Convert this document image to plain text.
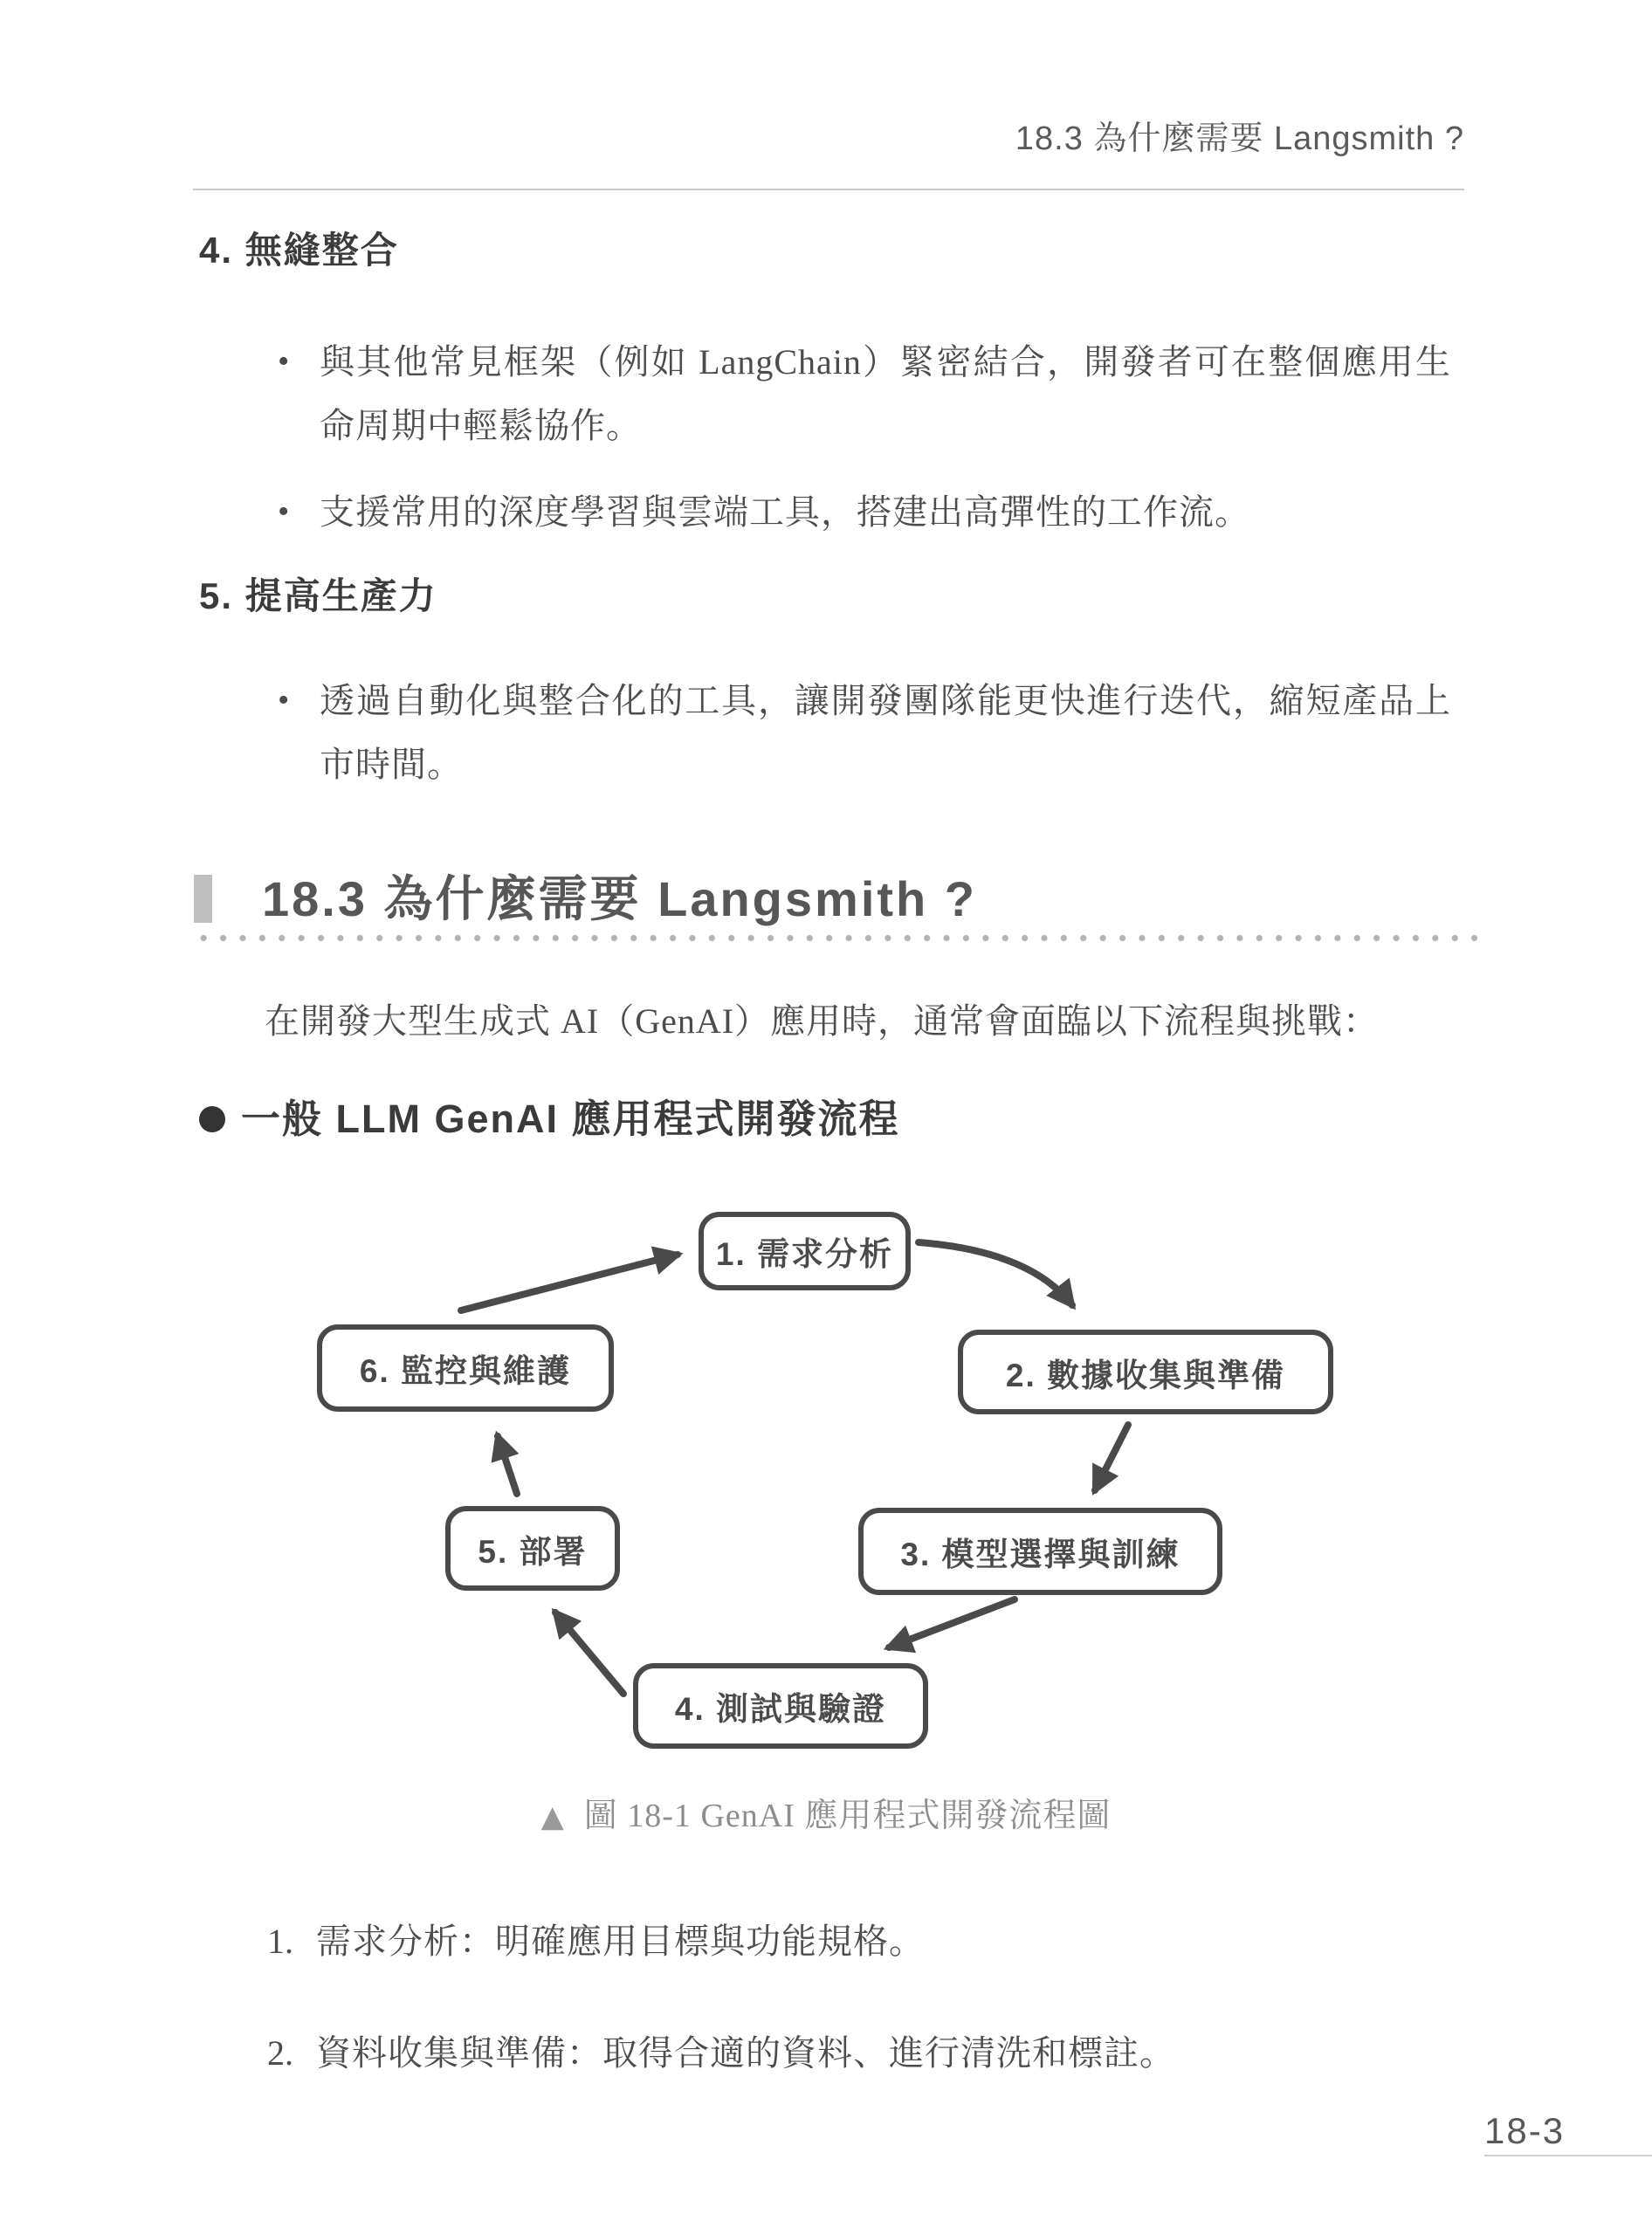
18.3 為什麼需要 Langsmith ?
4. 無縫整合
• 與其他常見框架（例如 LangChain）緊密結合，開發者可在整個應用生命周期中輕鬆協作。

• 支援常用的深度學習與雲端工具，搭建出高彈性的工作流。

5. 提高生產力
• 透過自動化與整合化的工具，讓開發團隊能更快進行迭代，縮短產品上市時間。

18.3 為什麼需要 Langsmith ?
在開發大型生成式 AI（GenAI）應用時，通常會面臨以下流程與挑戰：
一般 LLM GenAI 應用程式開發流程
1. 需求分析
2. 數據收集與準備
3. 模型選擇與訓練
4. 測試與驗證
5. 部署
6. 監控與維護
▲ 圖 18-1 GenAI 應用程式開發流程圖
1. 需求分析：明確應用目標與功能規格。

2. 資料收集與準備：取得合適的資料、進行清洗和標註。

18-3
